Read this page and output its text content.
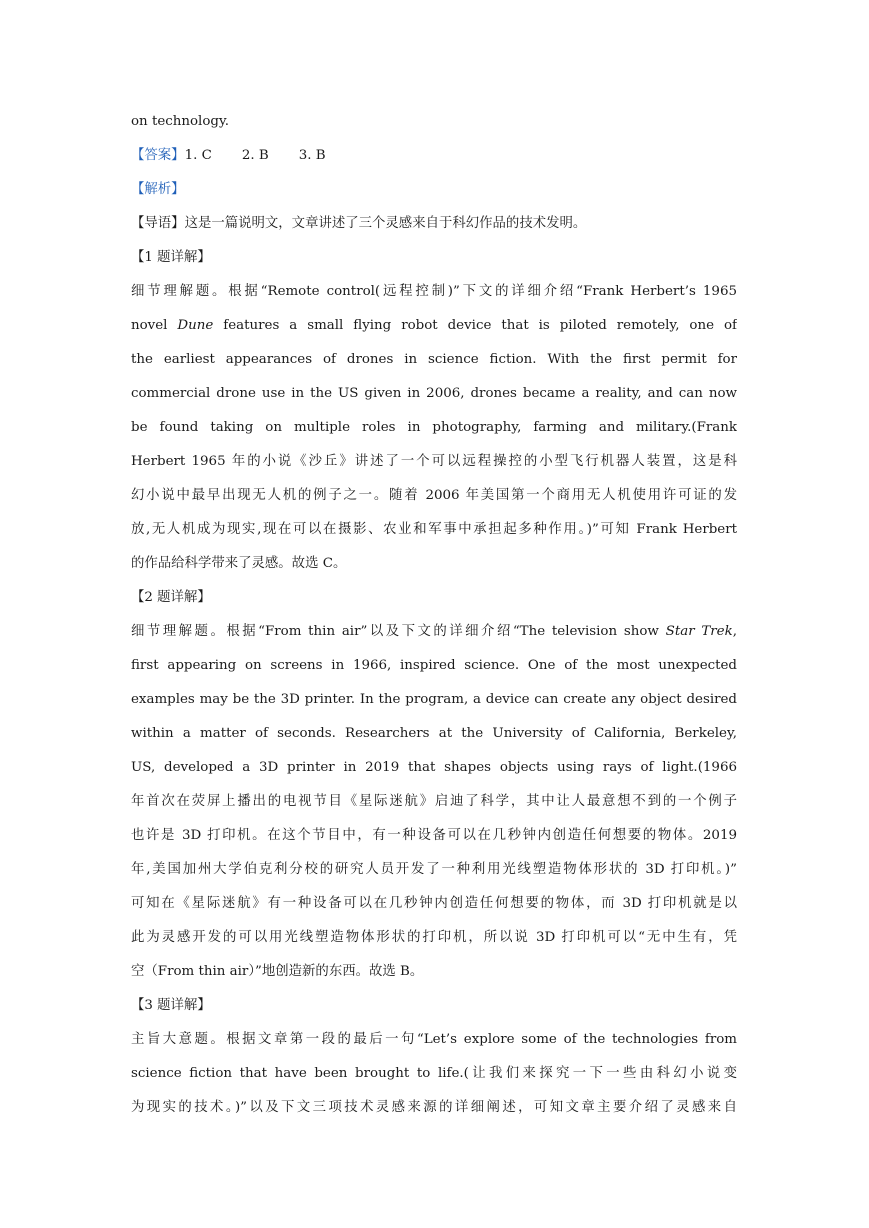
on technology.
【答案】1. C 2. B 3. B
【解析】
【导语】这是一篇说明文，文章讲述了三个灵感来自于科幻作品的技术发明。
【1 题详解】
细节理解题。根据“Remote control(远程控制)”下文的详细介绍“Frank Herbert’s 1965
novel Dune features a small flying robot device that is piloted remotely, one of
the earliest appearances of drones in science fiction. With the first permit for
commercial drone use in the US given in 2006, drones became a reality, and can now
be found taking on multiple roles in photography, farming and military.(Frank
Herbert 1965 年的小说《沙丘》讲述了一个可以远程操控的小型飞行机器人装置，这是科
幻小说中最早出现无人机的例子之一。随着 2006 年美国第一个商用无人机使用许可证的发
放,无人机成为现实,现在可以在摄影、农业和军事中承担起多种作用。)”可知 Frank Herbert
的作品给科学带来了灵感。故选 C。
【2 题详解】
细节理解题。根据“From thin air”以及下文的详细介绍“The television show Star Trek,
first appearing on screens in 1966, inspired science. One of the most unexpected
examples may be the 3D printer. In the program, a device can create any object desired
within a matter of seconds. Researchers at the University of California, Berkeley,
US, developed a 3D printer in 2019 that shapes objects using rays of light.(1966
年首次在荧屏上播出的电视节目《星际迷航》启迪了科学，其中让人最意想不到的一个例子
也许是 3D 打印机。在这个节目中，有一种设备可以在几秒钟内创造任何想要的物体。2019
年,美国加州大学伯克利分校的研究人员开发了一种利用光线塑造物体形状的 3D 打印机。)”
可知在《星际迷航》有一种设备可以在几秒钟内创造任何想要的物体，而 3D 打印机就是以
此为灵感开发的可以用光线塑造物体形状的打印机，所以说 3D 打印机可以“无中生有，凭
空（From thin air）”地创造新的东西。故选 B。
【3 题详解】
主旨大意题。根据文章第一段的最后一句“Let’s explore some of the technologies from
science fiction that have been brought to life.(让我们来探究一下一些由科幻小说变
为现实的技术。)”以及下文三项技术灵感来源的详细阐述，可知文章主要介绍了灵感来自
